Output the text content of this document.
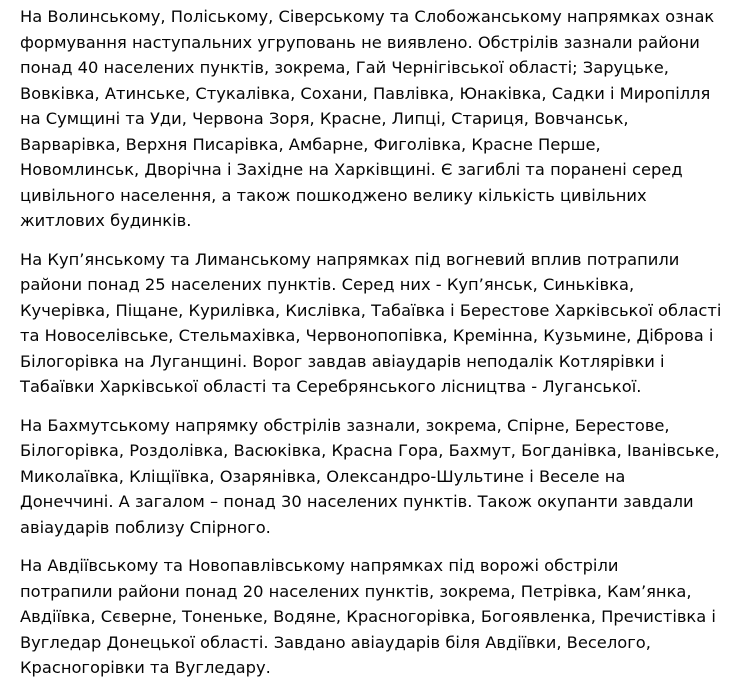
На Волинському, Поліському, Сіверському та Слобожанському напрямках ознак
формування наступальних угруповань не виявлено. Обстрілів зазнали райони
понад 40 населених пунктів, зокрема, Гай Чернігівської області; Заруцьке,
Вовківка, Атинське, Стукалівка, Сохани, Павлівка, Юнаківка, Садки і Миропілля
на Сумщині та Уди, Червона Зоря, Красне, Липці, Стариця, Вовчанськ,
Варварівка, Верхня Писарівка, Амбарне, Фиголівка, Красне Перше,
Новомлинськ, Дворічна і Західне на Харківщині. Є загиблі та поранені серед
цивільного населення, а також пошкоджено велику кількість цивільних
житлових будинків.

На Куп’янському та Лиманському напрямках під вогневий вплив потрапили
райони понад 25 населених пунктів. Серед них - Куп’янськ, Синьківка,
Кучерівка, Піщане, Курилівка, Кислівка, Табаївка і Берестове Харківської області
та Новоселівське, Стельмахівка, Червонопопівка, Кремінна, Кузьмине, Діброва і
Білогорівка на Луганщині. Ворог завдав авіаударів неподалік Котлярівки і
Табаївки Харківської області та Серебрянського лісництва - Луганської.

На Бахмутському напрямку обстрілів зазнали, зокрема, Спірне, Берестове,
Білогорівка, Роздолівка, Васюківка, Красна Гора, Бахмут, Богданівка, Іванівське,
Миколаївка, Кліщіївка, Озарянівка, Олександро-Шультине і Веселе на
Донеччині. А загалом – понад 30 населених пунктів. Також окупанти завдали
авіаударів поблизу Спірного.

На Авдіївському та Новопавлівському напрямках під ворожі обстріли
потрапили райони понад 20 населених пунктів, зокрема, Петрівка, Кам’янка,
Авдіївка, Сєверне, Тоненьке, Водяне, Красногорівка, Богоявленка, Пречистівка і
Вугледар Донецької області. Завдано авіаударів біля Авдіївки, Веселого,
Красногорівки та Вугледару.
